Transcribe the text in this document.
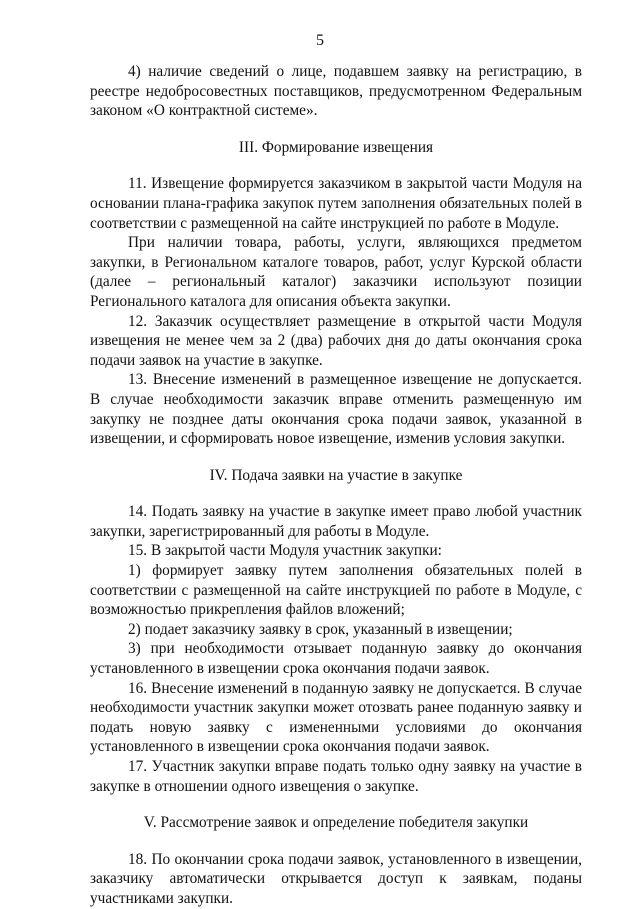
5

4) наличие сведений о лице, подавшем заявку на регистрацию, в реестре недобросовестных поставщиков, предусмотренном Федеральным законом «О контрактной системе».

III. Формирование извещения

11. Извещение формируется заказчиком в закрытой части Модуля на основании плана-графика закупок путем заполнения обязательных полей в соответствии с размещенной на сайте инструкцией по работе в Модуле.

При наличии товара, работы, услуги, являющихся предметом закупки, в Региональном каталоге товаров, работ, услуг Курской области (далее – региональный каталог) заказчики используют позиции Регионального каталога для описания объекта закупки.

12. Заказчик осуществляет размещение в открытой части Модуля извещения не менее чем за 2 (два) рабочих дня до даты окончания срока подачи заявок на участие в закупке.

13. Внесение изменений в размещенное извещение не допускается. В случае необходимости заказчик вправе отменить размещенную им закупку не позднее даты окончания срока подачи заявок, указанной в извещении, и сформировать новое извещение, изменив условия закупки.

IV. Подача заявки на участие в закупке

14. Подать заявку на участие в закупке имеет право любой участник закупки, зарегистрированный для работы в Модуле.

15. В закрытой части Модуля участник закупки:

1) формирует заявку путем заполнения обязательных полей в соответствии с размещенной на сайте инструкцией по работе в Модуле, с возможностью прикрепления файлов вложений;

2) подает заказчику заявку в срок, указанный в извещении;

3) при необходимости отзывает поданную заявку до окончания установленного в извещении срока окончания подачи заявок.

16. Внесение изменений в поданную заявку не допускается. В случае необходимости участник закупки может отозвать ранее поданную заявку и подать новую заявку с измененными условиями до окончания установленного в извещении срока окончания подачи заявок.

17. Участник закупки вправе подать только одну заявку на участие в закупке в отношении одного извещения о закупке.

V. Рассмотрение заявок и определение победителя закупки

18. По окончании срока подачи заявок, установленного в извещении, заказчику автоматически открывается доступ к заявкам, поданы участниками закупки.
